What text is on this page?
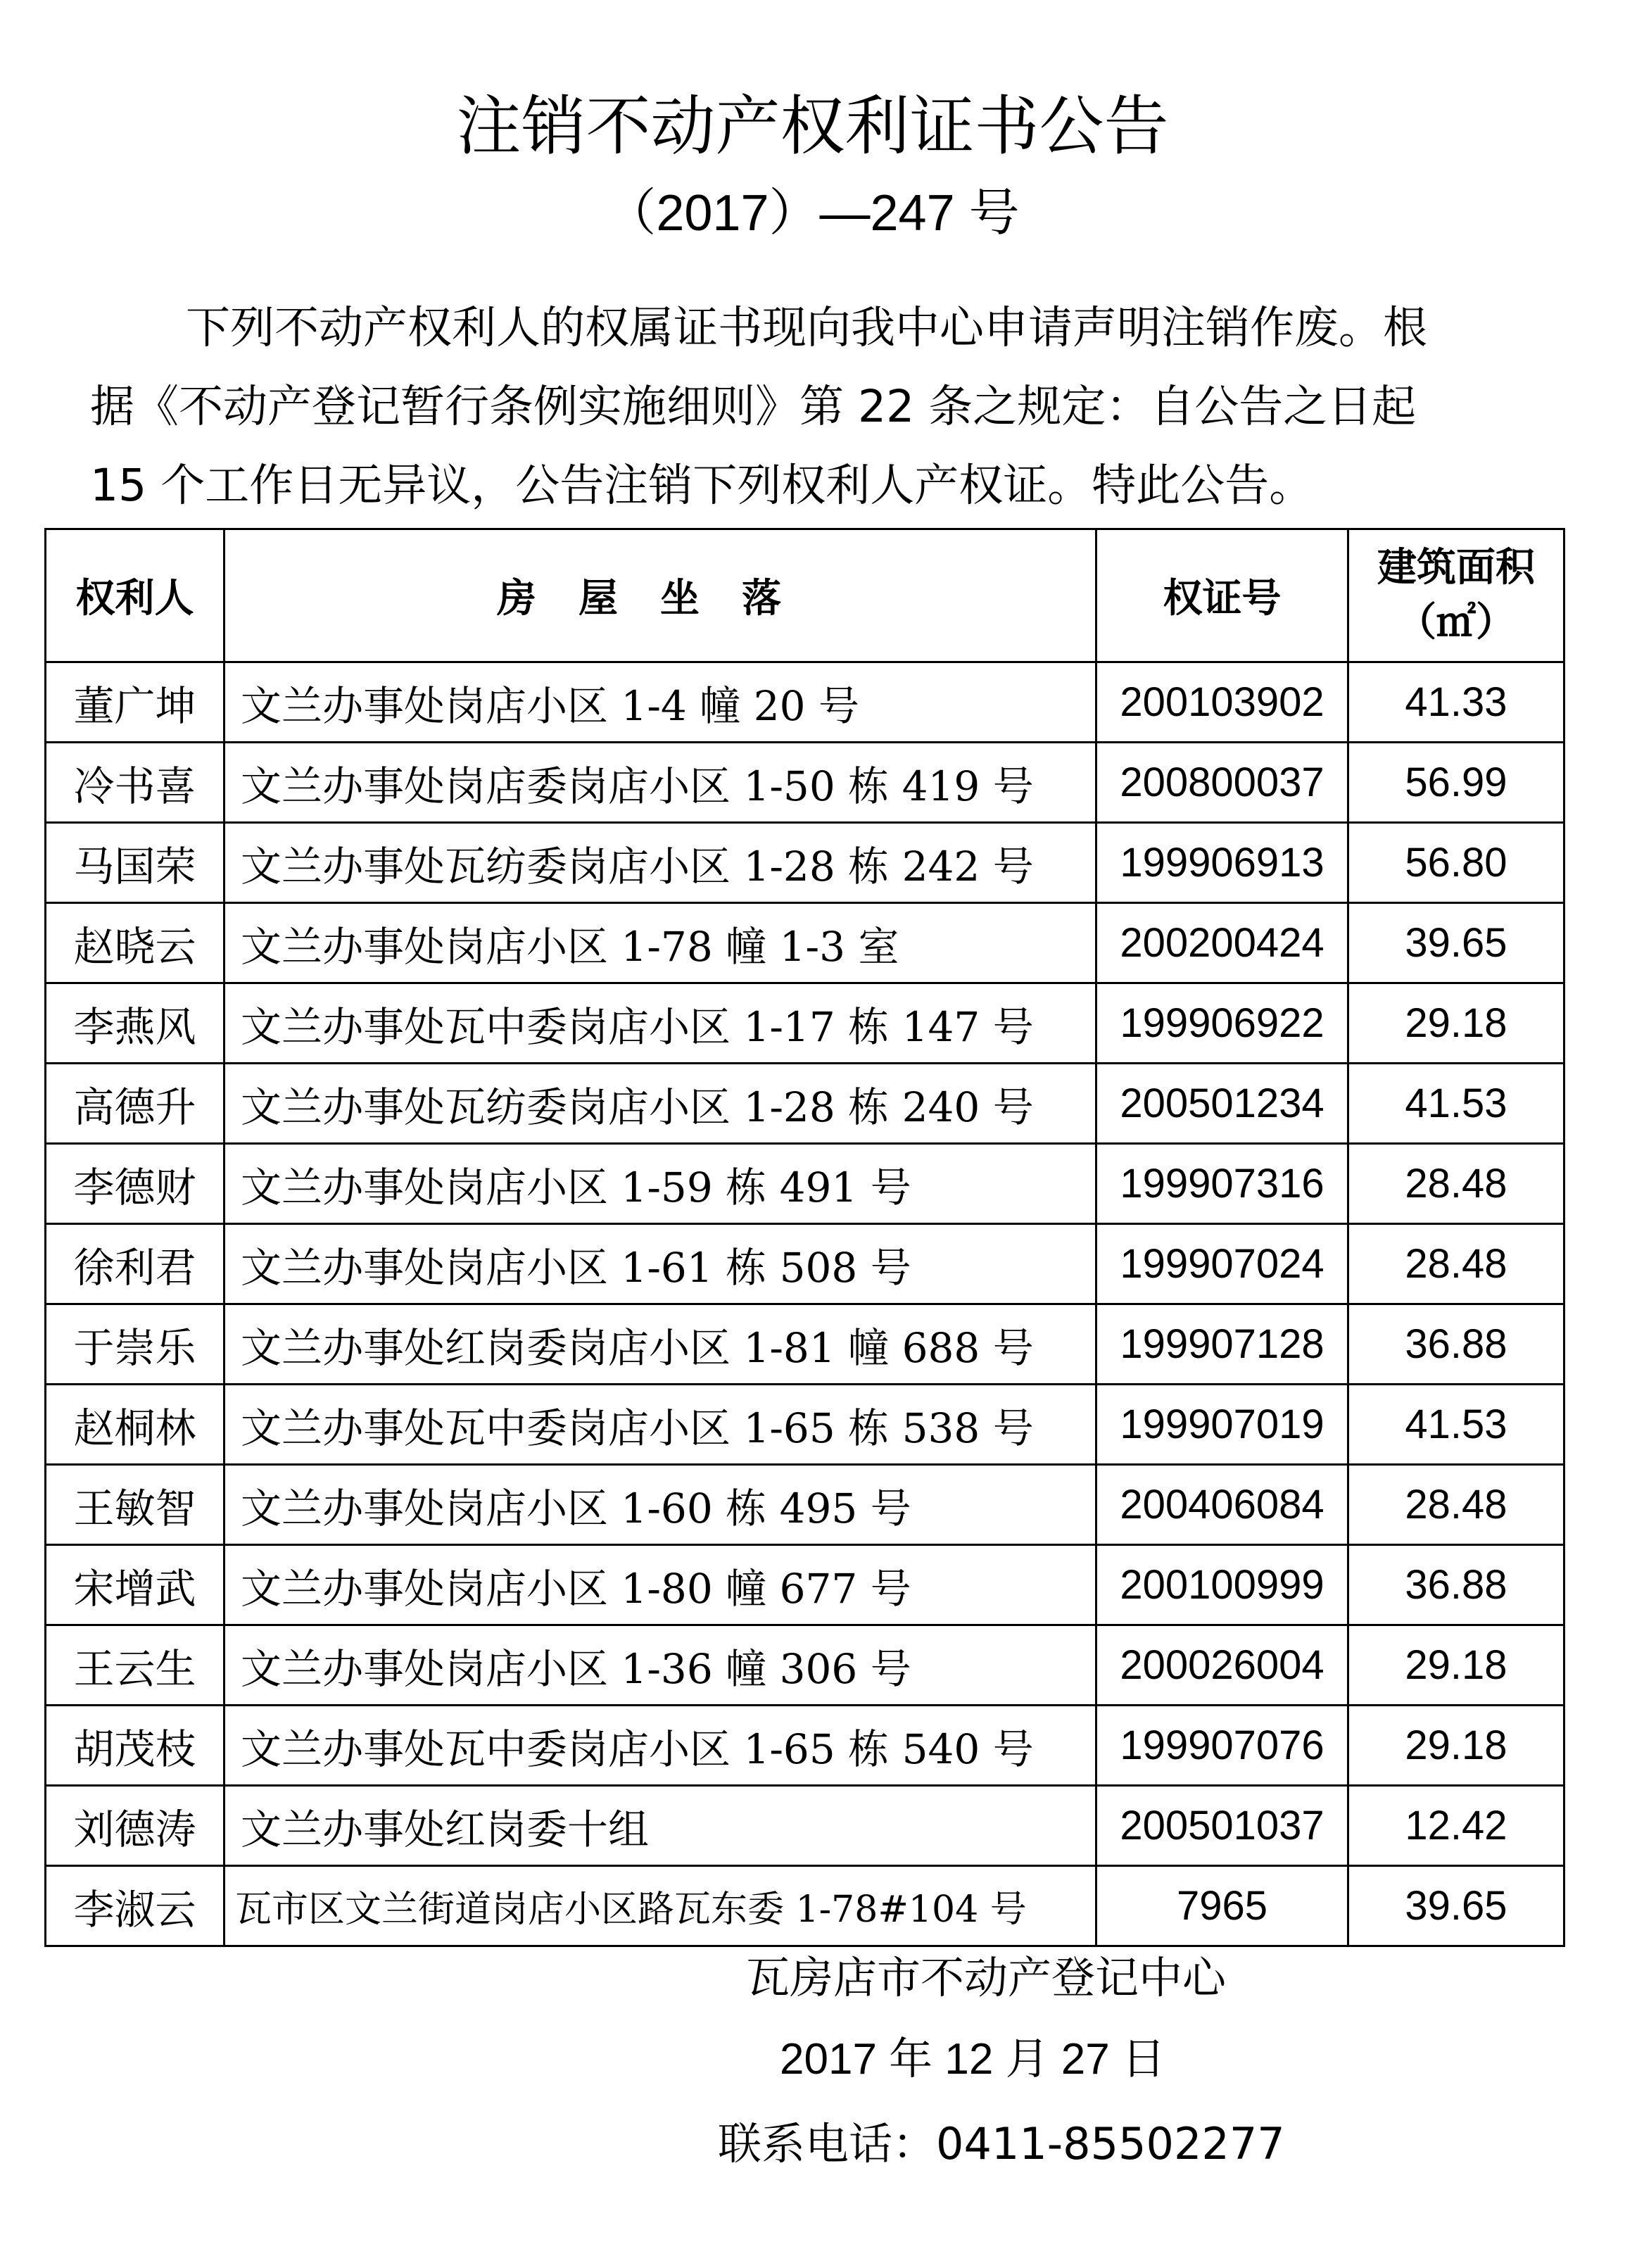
注销不动产权利证书公告
（2017）—247 号
下列不动产权利人的权属证书现向我中心申请声明注销作废。根
据《不动产登记暂行条例实施细则》第 22 条之规定：自公告之日起
15 个工作日无异议，公告注销下列权利人产权证。特此公告。
权利人	房屋坐落	权证号	建筑面积
（㎡）

董广坤	文兰办事处岗店小区 1-4 幢 20 号	200103902	41.33
冷书喜	文兰办事处岗店委岗店小区 1-50 栋 419 号	200800037	56.99
马国荣	文兰办事处瓦纺委岗店小区 1-28 栋 242 号	199906913	56.80
赵晓云	文兰办事处岗店小区 1-78 幢 1-3 室	200200424	39.65
李燕风	文兰办事处瓦中委岗店小区 1-17 栋 147 号	199906922	29.18
高德升	文兰办事处瓦纺委岗店小区 1-28 栋 240 号	200501234	41.53
李德财	文兰办事处岗店小区 1-59 栋 491 号	199907316	28.48
徐利君	文兰办事处岗店小区 1-61 栋 508 号	199907024	28.48
于崇乐	文兰办事处红岗委岗店小区 1-81 幢 688 号	199907128	36.88
赵桐林	文兰办事处瓦中委岗店小区 1-65 栋 538 号	199907019	41.53
王敏智	文兰办事处岗店小区 1-60 栋 495 号	200406084	28.48
宋增武	文兰办事处岗店小区 1-80 幢 677 号	200100999	36.88
王云生	文兰办事处岗店小区 1-36 幢 306 号	200026004	29.18
胡茂枝	文兰办事处瓦中委岗店小区 1-65 栋 540 号	199907076	29.18
刘德涛	文兰办事处红岗委十组	200501037	12.42
李淑云	瓦市区文兰街道岗店小区路瓦东委 1-78#104 号	7965	39.65
瓦房店市不动产登记中心
2017 年 12 月 27 日
联系电话：0411-85502277
